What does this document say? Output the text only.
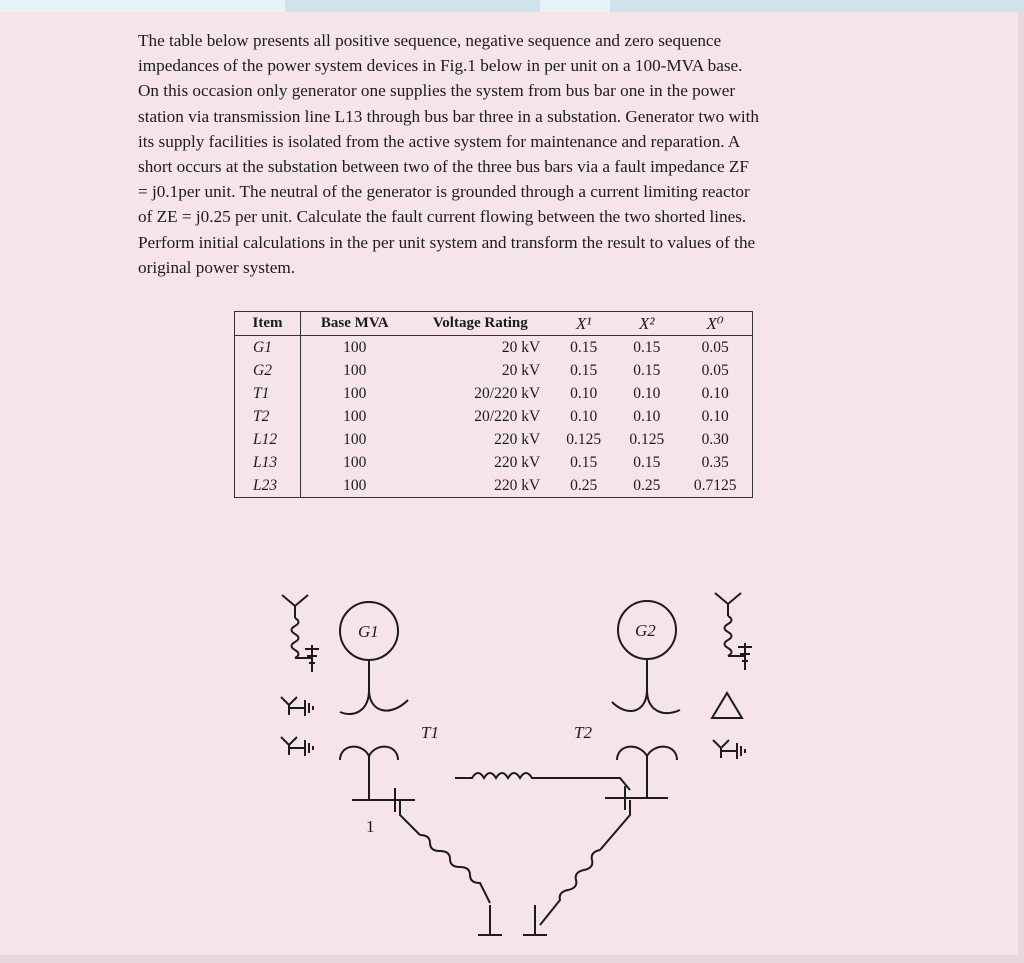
The table below presents all positive sequence, negative sequence and zero sequence
impedances of the power system devices in Fig.1 below in per unit on a 100-MVA base.
On this occasion only generator one supplies the system from bus bar one in the power
station via transmission line L13 through bus bar three in a substation. Generator two with
its supply facilities is isolated from the active system for maintenance and reparation. A
short occurs at the substation between two of the three bus bars via a fault impedance ZF
= j0.1per unit. The neutral of the generator is grounded through a current limiting reactor
of ZE = j0.25 per unit. Calculate the fault current flowing between the two shorted lines.
Perform initial calculations in the per unit system and transform the result to values of the
original power system.

Item	Base MVA	Voltage Rating	X¹	X²	X⁰
G1	100	20 kV	0.15	0.15	0.05
G2	100	20 kV	0.15	0.15	0.05
T1	100	20/220 kV	0.10	0.10	0.10
T2	100	20/220 kV	0.10	0.10	0.10
L12	100	220 kV	0.125	0.125	0.30
L13	100	220 kV	0.15	0.15	0.35
L23	100	220 kV	0.25	0.25	0.7125
G1	G2
T1	T2
1
